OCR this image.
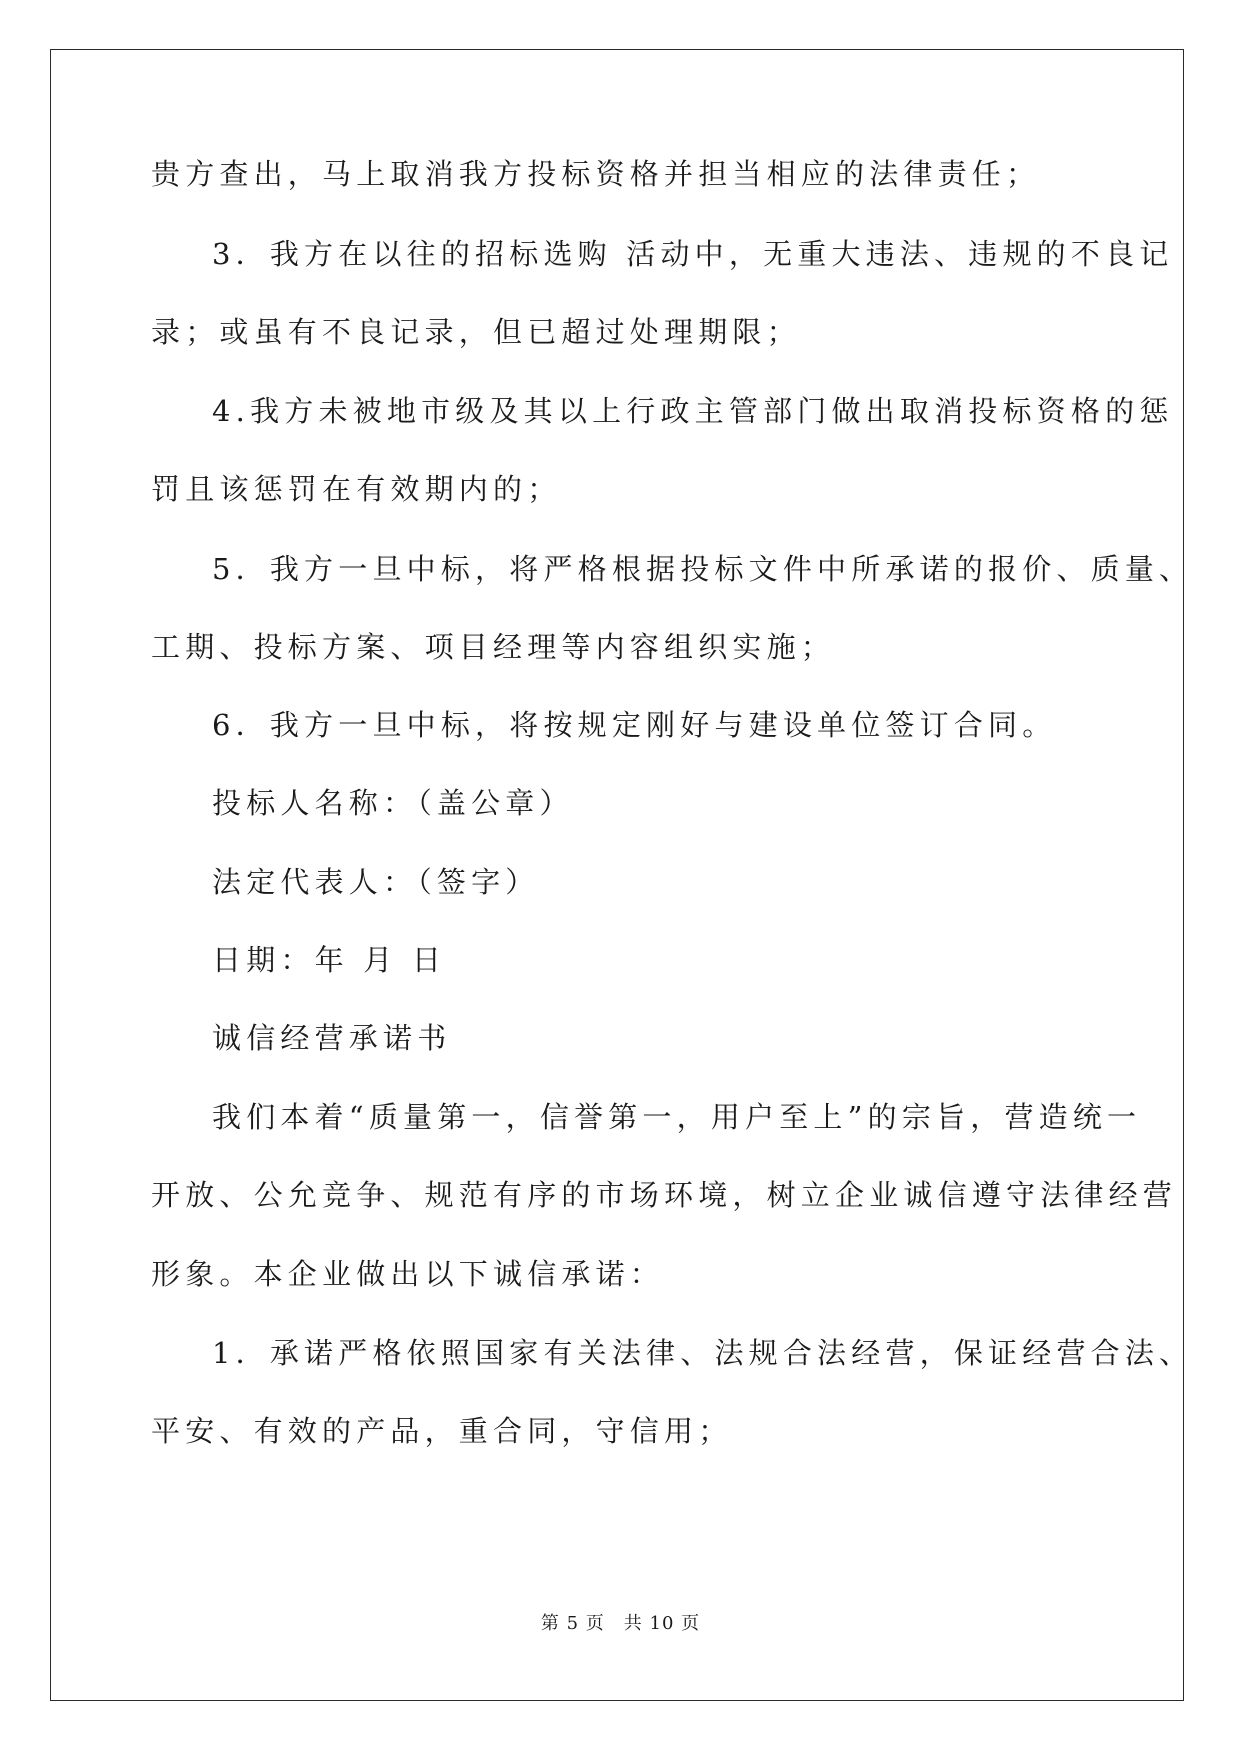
贵方查出，马上取消我方投标资格并担当相应的法律责任；
3．我方在以往的招标选购 活动中，无重大违法、违规的不良记
录；或虽有不良记录，但已超过处理期限；
4.我方未被地市级及其以上行政主管部门做出取消投标资格的惩
罚且该惩罚在有效期内的；
5．我方一旦中标，将严格根据投标文件中所承诺的报价、质量、
工期、投标方案、项目经理等内容组织实施；
6．我方一旦中标，将按规定刚好与建设单位签订合同。
投标人名称：（盖公章）
法定代表人：（签字）
日期：年 月 日
诚信经营承诺书
我们本着“质量第一，信誉第一，用户至上”的宗旨，营造统一
开放、公允竞争、规范有序的市场环境，树立企业诚信遵守法律经营
形象。本企业做出以下诚信承诺：
1．承诺严格依照国家有关法律、法规合法经营，保证经营合法、
平安、有效的产品，重合同，守信用；
第 5 页　共 10 页
